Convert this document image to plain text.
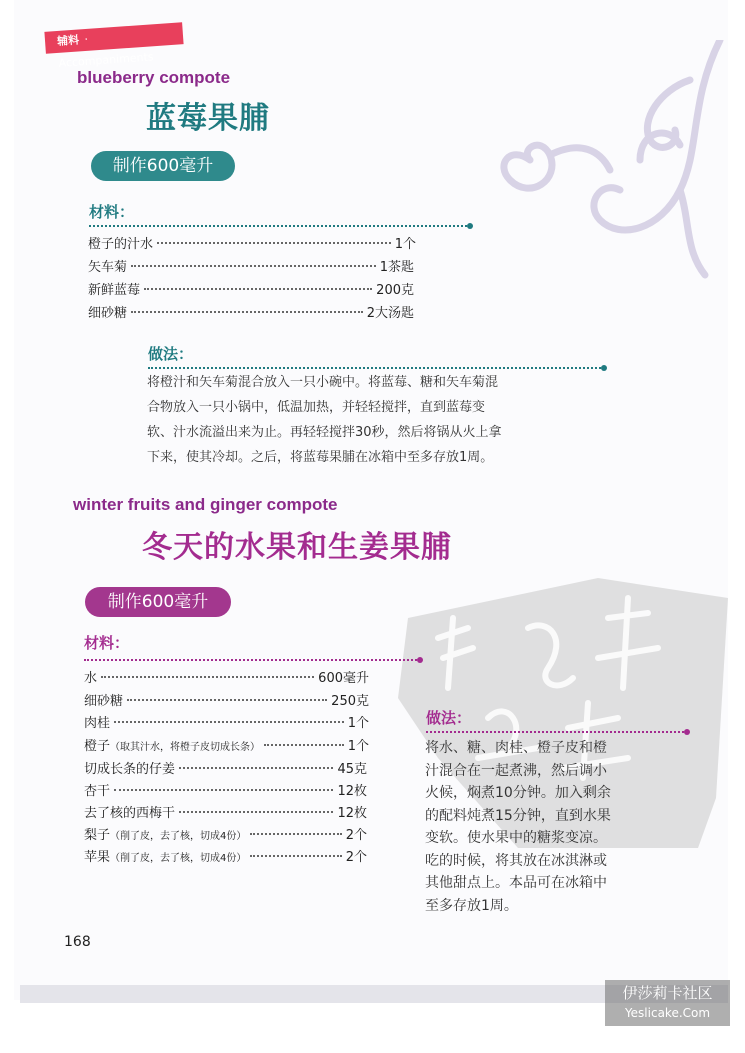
辅料 · Accompaniments
blueberry compote
蓝莓果脯
制作600毫升
材料：
橙子的汁水	1个
矢车菊	1茶匙
新鲜蓝莓	200克
细砂糖	2大汤匙
做法：
将橙汁和矢车菊混合放入一只小碗中。将蓝莓、糖和矢车菊混
合物放入一只小锅中，低温加热，并轻轻搅拌，直到蓝莓变
软、汁水流溢出来为止。再轻轻搅拌30秒，然后将锅从火上拿
下来，使其冷却。之后，将蓝莓果脯在冰箱中至多存放1周。
winter fruits and ginger compote
冬天的水果和生姜果脯
制作600毫升
材料：
水	600毫升
细砂糖	250克
肉桂	1个
橙子 （取其汁水，将橙子皮切成长条）	1个
切成长条的仔姜	45克
杏干	12枚
去了核的西梅干	12枚
梨子 （削了皮，去了核，切成4份）	2个
苹果 （削了皮，去了核，切成4份）	2个
做法：
将水、糖、肉桂、橙子皮和橙
汁混合在一起煮沸，然后调小
火候，焖煮10分钟。加入剩余
的配料炖煮15分钟，直到水果
变软。使水果中的糖浆变凉。
吃的时候，将其放在冰淇淋或
其他甜点上。本品可在冰箱中
至多存放1周。
168
伊莎莉卡社区
Yeslicake.Com
